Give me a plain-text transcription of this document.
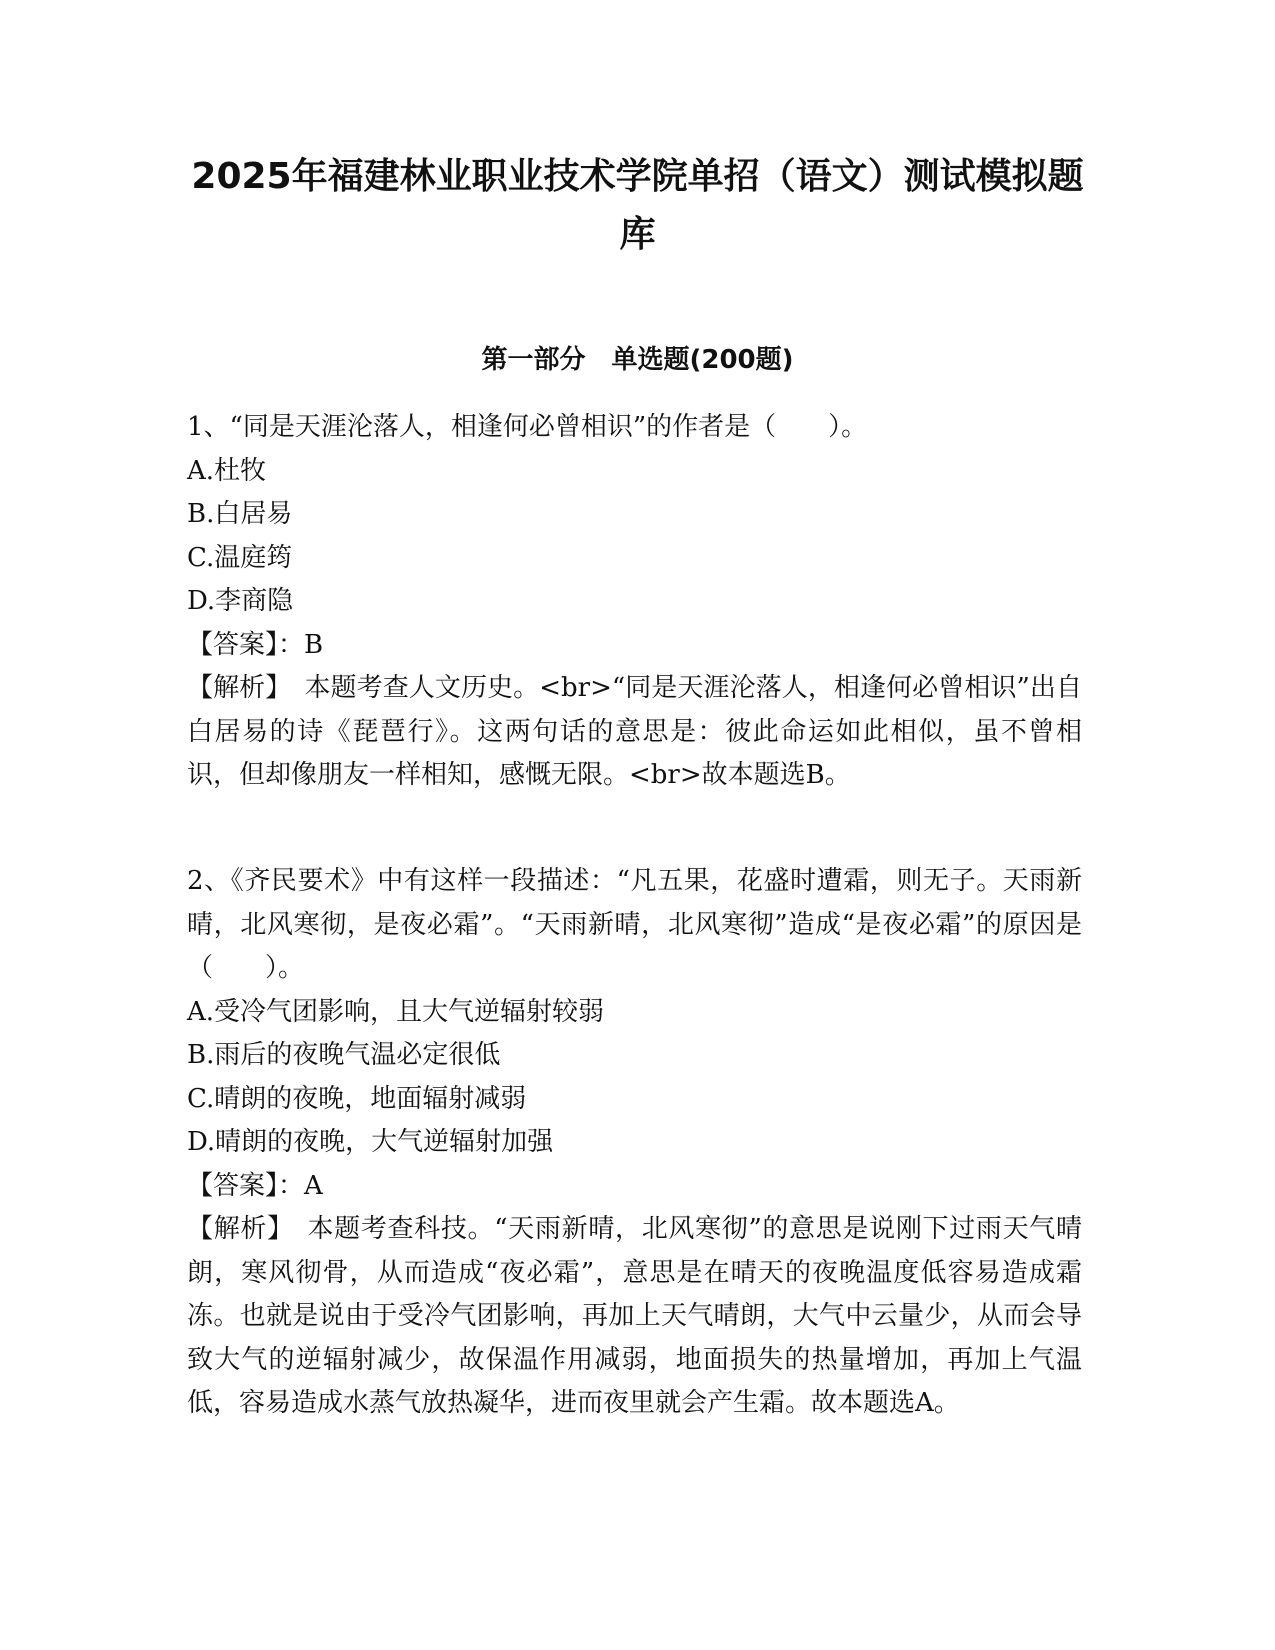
2025年福建林业职业技术学院单招（语文）测试模拟题库
第一部分　单选题(200题)
1、“同是天涯沦落人，相逢何必曾相识”的作者是（　　）。
A.杜牧
B.白居易
C.温庭筠
D.李商隐
【答案】：B
【解析】　本题考查人文历史。<br>“同是天涯沦落人，相逢何必曾相识”出自白居易的诗《琵琶行》。这两句话的意思是：彼此命运如此相似，虽不曾相识，但却像朋友一样相知，感慨无限。<br>故本题选B。
2、《齐民要术》中有这样一段描述：“凡五果，花盛时遭霜，则无子。天雨新晴，北风寒彻，是夜必霜”。“天雨新晴，北风寒彻”造成“是夜必霜”的原因是（　　）。
A.受冷气团影响，且大气逆辐射较弱
B.雨后的夜晚气温必定很低
C.晴朗的夜晚，地面辐射减弱
D.晴朗的夜晚，大气逆辐射加强
【答案】：A
【解析】　本题考查科技。“天雨新晴，北风寒彻”的意思是说刚下过雨天气晴朗，寒风彻骨，从而造成“夜必霜”，意思是在晴天的夜晚温度低容易造成霜冻。也就是说由于受冷气团影响，再加上天气晴朗，大气中云量少，从而会导致大气的逆辐射减少，故保温作用减弱，地面损失的热量增加，再加上气温低，容易造成水蒸气放热凝华，进而夜里就会产生霜。故本题选A。
